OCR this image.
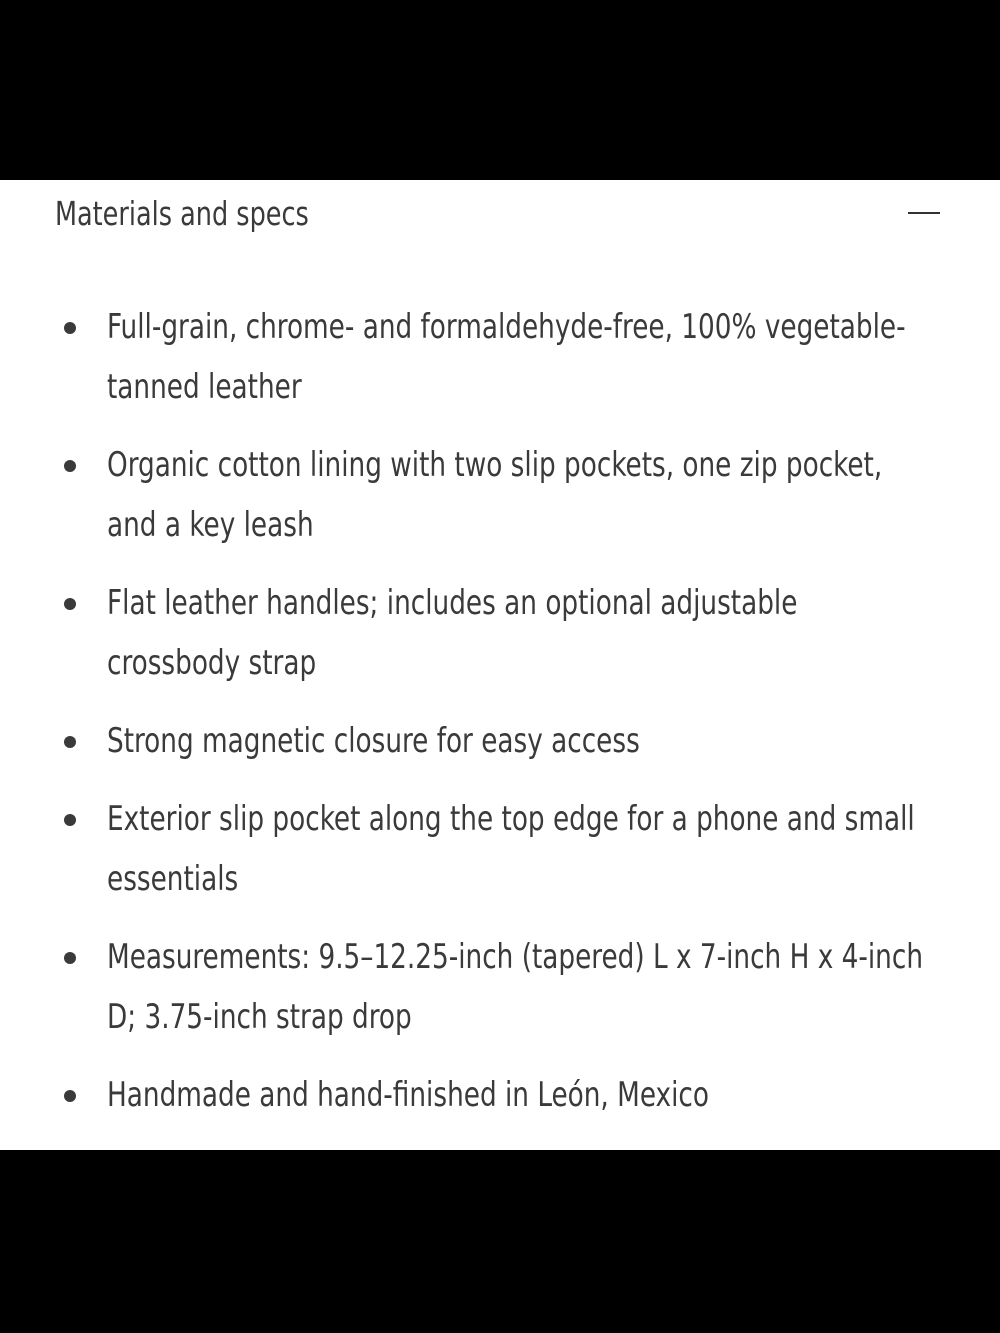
Materials and specs
Full-grain, chrome- and formaldehyde-free, 100% vegetable-tanned leather
Organic cotton lining with two slip pockets, one zip pocket, and a key leash
Flat leather handles; includes an optional adjustable crossbody strap
Strong magnetic closure for easy access
Exterior slip pocket along the top edge for a phone and small essentials
Measurements: 9.5–12.25-inch (tapered) L x 7-inch H x 4-inch D; 3.75-inch strap drop
Handmade and hand-finished in León, Mexico
